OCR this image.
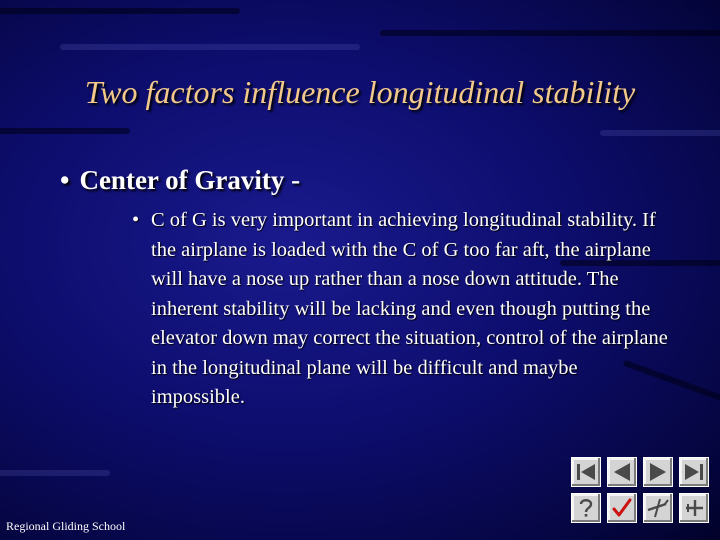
Two factors influence longitudinal stability
• Center of Gravity -
• C of G is very important in achieving longitudinal stability. If the airplane is loaded with the C of G too far aft, the airplane will have a nose up rather than a nose down attitude. The inherent stability will be lacking and even though putting the elevator down may correct the situation, control of the airplane in the longitudinal plane will be difficult and maybe impossible.
Regional Gliding School
